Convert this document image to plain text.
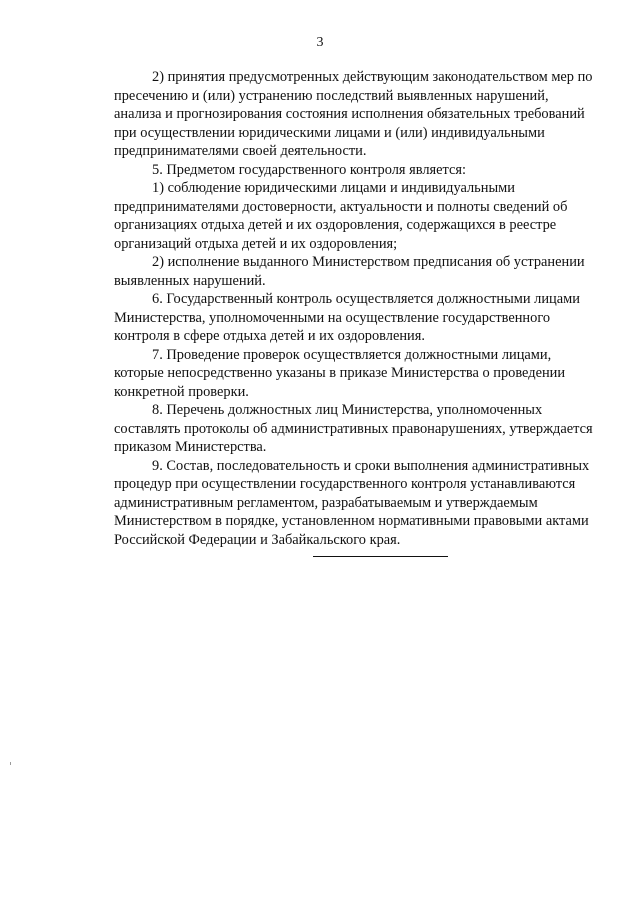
3

2) принятия предусмотренных действующим законодательством мер по
пресечению и (или) устранению последствий выявленных нарушений,
анализа и прогнозирования состояния исполнения обязательных требований
при осуществлении юридическими лицами и (или) индивидуальными
предпринимателями своей деятельности.

5. Предметом государственного контроля является:

1) соблюдение юридическими лицами и индивидуальными
предпринимателями достоверности, актуальности и полноты сведений об
организациях отдыха детей и их оздоровления, содержащихся в реестре
организаций отдыха детей и их оздоровления;

2) исполнение выданного Министерством предписания об устранении
выявленных нарушений.

6. Государственный контроль осуществляется должностными лицами
Министерства, уполномоченными на осуществление государственного
контроля в сфере отдыха детей и их оздоровления.

7. Проведение проверок осуществляется должностными лицами,
которые непосредственно указаны в приказе Министерства о проведении
конкретной проверки.

8. Перечень должностных лиц Министерства, уполномоченных
составлять протоколы об административных правонарушениях, утверждается
приказом Министерства.

9. Состав, последовательность и сроки выполнения административных
процедур при осуществлении государственного контроля устанавливаются
административным регламентом, разрабатываемым и утверждаемым
Министерством в порядке, установленном нормативными правовыми актами
Российской Федерации и Забайкальского края.
